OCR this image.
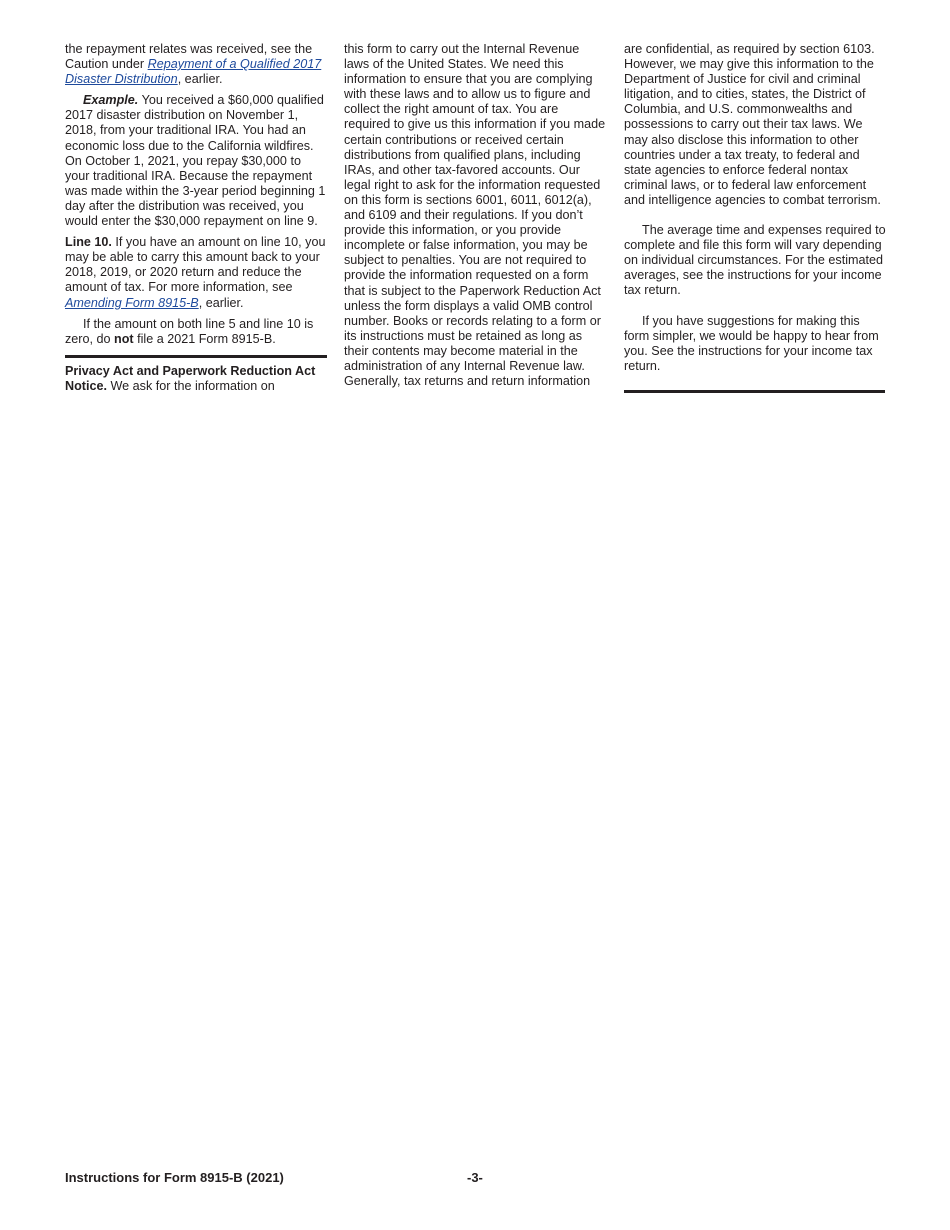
the repayment relates was received, see the Caution under Repayment of a Qualified 2017 Disaster Distribution, earlier.

Example. You received a $60,000 qualified 2017 disaster distribution on November 1, 2018, from your traditional IRA. You had an economic loss due to the California wildfires. On October 1, 2021, you repay $30,000 to your traditional IRA. Because the repayment was made within the 3-year period beginning 1 day after the distribution was received, you would enter the $30,000 repayment on line 9.

Line 10. If you have an amount on line 10, you may be able to carry this amount back to your 2018, 2019, or 2020 return and reduce the amount of tax. For more information, see Amending Form 8915-B, earlier.

If the amount on both line 5 and line 10 is zero, do not file a 2021 Form 8915-B.

Privacy Act and Paperwork Reduction Act Notice. We ask for the information on

this form to carry out the Internal Revenue laws of the United States. We need this information to ensure that you are complying with these laws and to allow us to figure and collect the right amount of tax. You are required to give us this information if you made certain contributions or received certain distributions from qualified plans, including IRAs, and other tax-favored accounts. Our legal right to ask for the information requested on this form is sections 6001, 6011, 6012(a), and 6109 and their regulations. If you don’t provide this information, or you provide incomplete or false information, you may be subject to penalties. You are not required to provide the information requested on a form that is subject to the Paperwork Reduction Act unless the form displays a valid OMB control number. Books or records relating to a form or its instructions must be retained as long as their contents may become material in the administration of any Internal Revenue law. Generally, tax returns and return information

are confidential, as required by section 6103. However, we may give this information to the Department of Justice for civil and criminal litigation, and to cities, states, the District of Columbia, and U.S. commonwealths and possessions to carry out their tax laws. We may also disclose this information to other countries under a tax treaty, to federal and state agencies to enforce federal nontax criminal laws, or to federal law enforcement and intelligence agencies to combat terrorism.

The average time and expenses required to complete and file this form will vary depending on individual circumstances. For the estimated averages, see the instructions for your income tax return.

If you have suggestions for making this form simpler, we would be happy to hear from you. See the instructions for your income tax return.

Instructions for Form 8915-B (2021)	-3-
